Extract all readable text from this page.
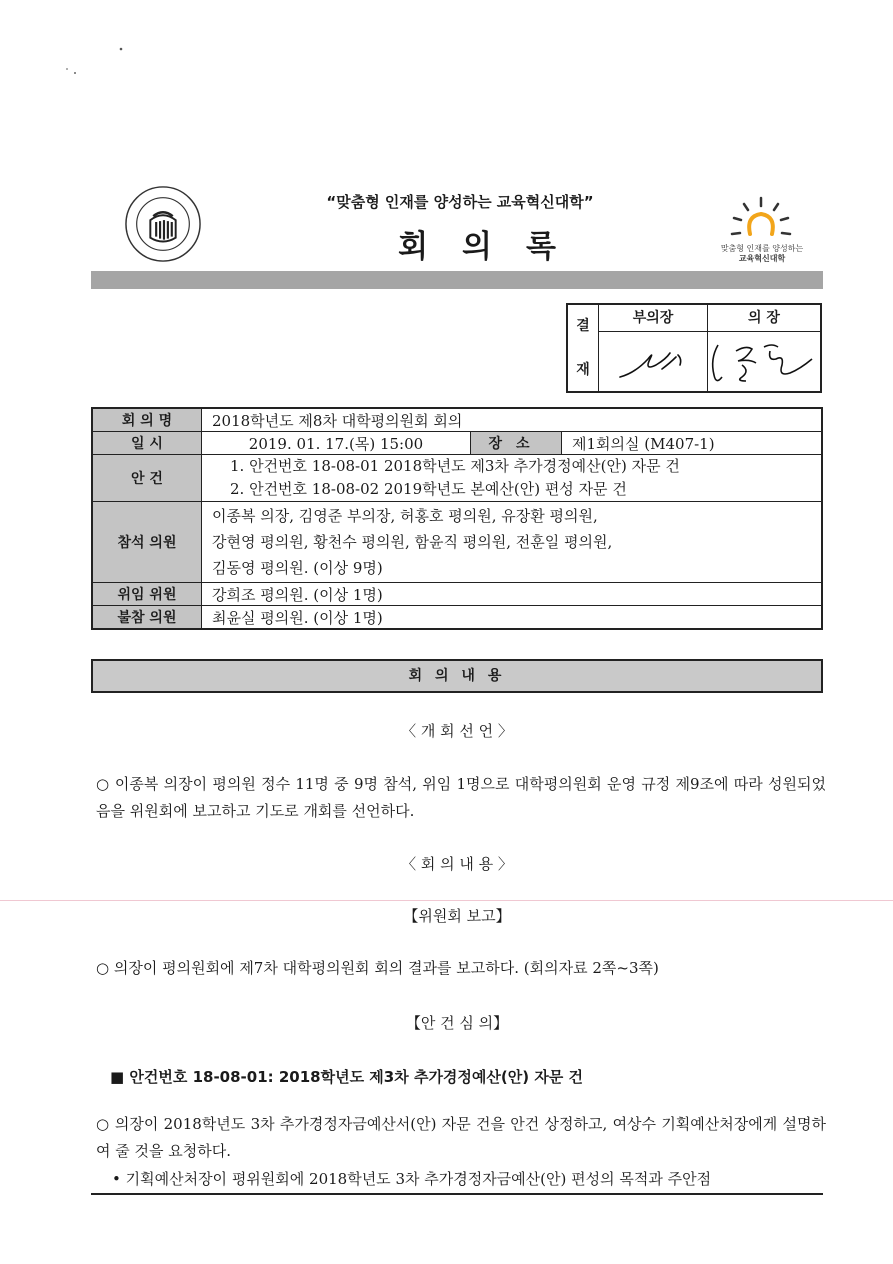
맞춤형 인재를 양성하는
교육혁신대학
“맞춤형 인재를 양성하는 교육혁신대학”
회의록
결
재
부의장	의 장
회 의 명	2018학년도 제8차 대학평의원회 회의		
일 시	2019. 01. 17.(목) 15:00	장소	제1회의실 (M407-1)
안 건	1. 안건번호 18-08-01 2018학년도 제3차 추가경정예산(안) 자문 건
2. 안건번호 18-08-02 2019학년도 본예산(안) 편성 자문 건		

참석 의원	이종복 의장, 김영준 부의장, 허홍호 평의원, 유장환 평의원,
강현영 평의원, 황천수 평의원, 함윤직 평의원, 전훈일 평의원,
김동영 평의원. (이상 9명)		

위임 위원	강희조 평의원. (이상 1명)		
불참 의원	최윤실 평의원. (이상 1명)		
회 의 내 용
〈 개 회 선 언 〉
○ 이종복 의장이 평의원 정수 11명 중 9명 참석, 위임 1명으로 대학평의원회 운영 규정 제9조에 따라 성원되었음을 위원회에 보고하고 기도로 개회를 선언하다.
〈 회 의 내 용 〉
【위원회 보고】
○ 의장이 평의원회에 제7차 대학평의원회 회의 결과를 보고하다. (회의자료 2쪽~3쪽)
【안 건 심 의】
■ 안건번호 18-08-01: 2018학년도 제3차 추가경정예산(안) 자문 건
○ 의장이 2018학년도 3차 추가경정자금예산서(안) 자문 건을 안건 상정하고, 여상수 기획예산처장에게 설명하여 줄 것을 요청하다.
• 기획예산처장이 평위원회에 2018학년도 3차 추가경정자금예산(안) 편성의 목적과 주안점
